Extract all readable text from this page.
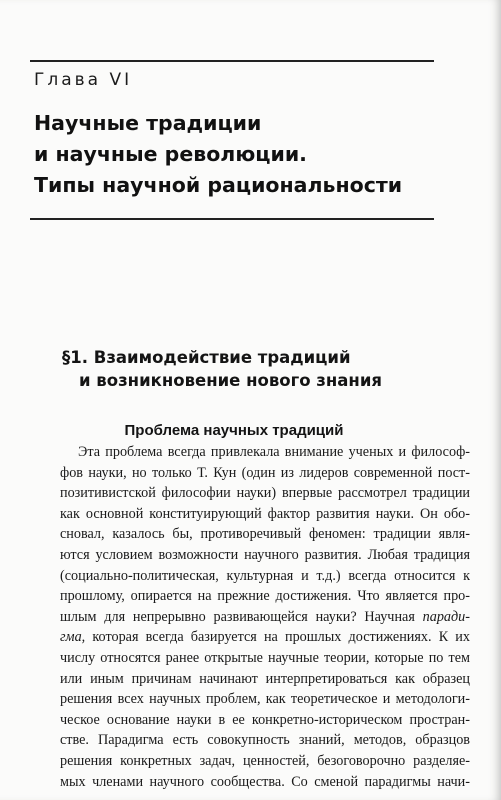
Глава VI
Научные традиции
и научные революции.
Типы научной рациональности
§1. Взаимодействие традиций
и возникновение нового знания
Проблема научных традиций
Эта проблема всегда привлекала внимание ученых и философ-
фов науки, но только Т. Кун (один из лидеров современной пост-
позитивистской философии науки) впервые рассмотрел традиции
как основной конституирующий фактор развития науки. Он обо-
сновал, казалось бы, противоречивый феномен: традиции явля-
ются условием возможности научного развития. Любая традиция
(социально-политическая, культурная и т.д.) всегда относится к
прошлому, опирается на прежние достижения. Что является про-
шлым для непрерывно развивающейся науки? Научная паради-
гма, которая всегда базируется на прошлых достижениях. К их
числу относятся ранее открытые научные теории, которые по тем
или иным причинам начинают интерпретироваться как образец
решения всех научных проблем, как теоретическое и методологи-
ческое основание науки в ее конкретно-историческом простран-
стве. Парадигма есть совокупность знаний, методов, образцов
решения конкретных задач, ценностей, безоговорочно разделяе-
мых членами научного сообщества. Со сменой парадигмы начи-
